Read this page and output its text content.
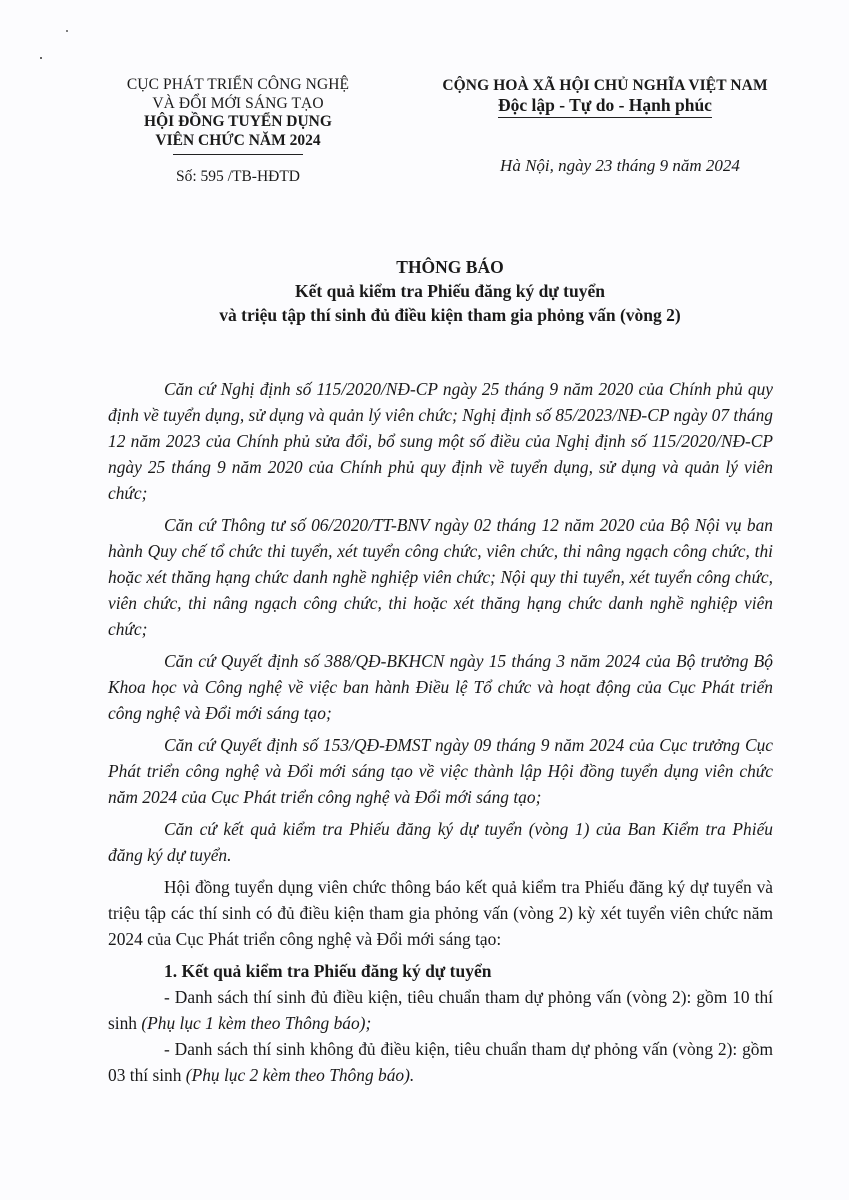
CỤC PHÁT TRIỂN CÔNG NGHỆ
VÀ ĐỔI MỚI SÁNG TẠO
HỘI ĐỒNG TUYỂN DỤNG
VIÊN CHỨC NĂM 2024
Số: 595 /TB-HĐTD
CỘNG HOÀ XÃ HỘI CHỦ NGHĨA VIỆT NAM
Độc lập - Tự do - Hạnh phúc
Hà Nội, ngày 23 tháng 9 năm 2024
THÔNG BÁO
Kết quả kiểm tra Phiếu đăng ký dự tuyển
và triệu tập thí sinh đủ điều kiện tham gia phỏng vấn (vòng 2)

Căn cứ Nghị định số 115/2020/NĐ-CP ngày 25 tháng 9 năm 2020 của Chính phủ quy định về tuyển dụng, sử dụng và quản lý viên chức; Nghị định số 85/2023/NĐ-CP ngày 07 tháng 12 năm 2023 của Chính phủ sửa đổi, bổ sung một số điều của Nghị định số 115/2020/NĐ-CP ngày 25 tháng 9 năm 2020 của Chính phủ quy định về tuyển dụng, sử dụng và quản lý viên chức;

Căn cứ Thông tư số 06/2020/TT-BNV ngày 02 tháng 12 năm 2020 của Bộ Nội vụ ban hành Quy chế tổ chức thi tuyển, xét tuyển công chức, viên chức, thi nâng ngạch công chức, thi hoặc xét thăng hạng chức danh nghề nghiệp viên chức; Nội quy thi tuyển, xét tuyển công chức, viên chức, thi nâng ngạch công chức, thi hoặc xét thăng hạng chức danh nghề nghiệp viên chức;

Căn cứ Quyết định số 388/QĐ-BKHCN ngày 15 tháng 3 năm 2024 của Bộ trưởng Bộ Khoa học và Công nghệ về việc ban hành Điều lệ Tổ chức và hoạt động của Cục Phát triển công nghệ và Đổi mới sáng tạo;

Căn cứ Quyết định số 153/QĐ-ĐMST ngày 09 tháng 9 năm 2024 của Cục trưởng Cục Phát triển công nghệ và Đổi mới sáng tạo về việc thành lập Hội đồng tuyển dụng viên chức năm 2024 của Cục Phát triển công nghệ và Đổi mới sáng tạo;

Căn cứ kết quả kiểm tra Phiếu đăng ký dự tuyển (vòng 1) của Ban Kiểm tra Phiếu đăng ký dự tuyển.

Hội đồng tuyển dụng viên chức thông báo kết quả kiểm tra Phiếu đăng ký dự tuyển và triệu tập các thí sinh có đủ điều kiện tham gia phỏng vấn (vòng 2) kỳ xét tuyển viên chức năm 2024 của Cục Phát triển công nghệ và Đổi mới sáng tạo:

1. Kết quả kiểm tra Phiếu đăng ký dự tuyển

- Danh sách thí sinh đủ điều kiện, tiêu chuẩn tham dự phỏng vấn (vòng 2): gồm 10 thí sinh (Phụ lục 1 kèm theo Thông báo);

- Danh sách thí sinh không đủ điều kiện, tiêu chuẩn tham dự phỏng vấn (vòng 2): gồm 03 thí sinh (Phụ lục 2 kèm theo Thông báo).
